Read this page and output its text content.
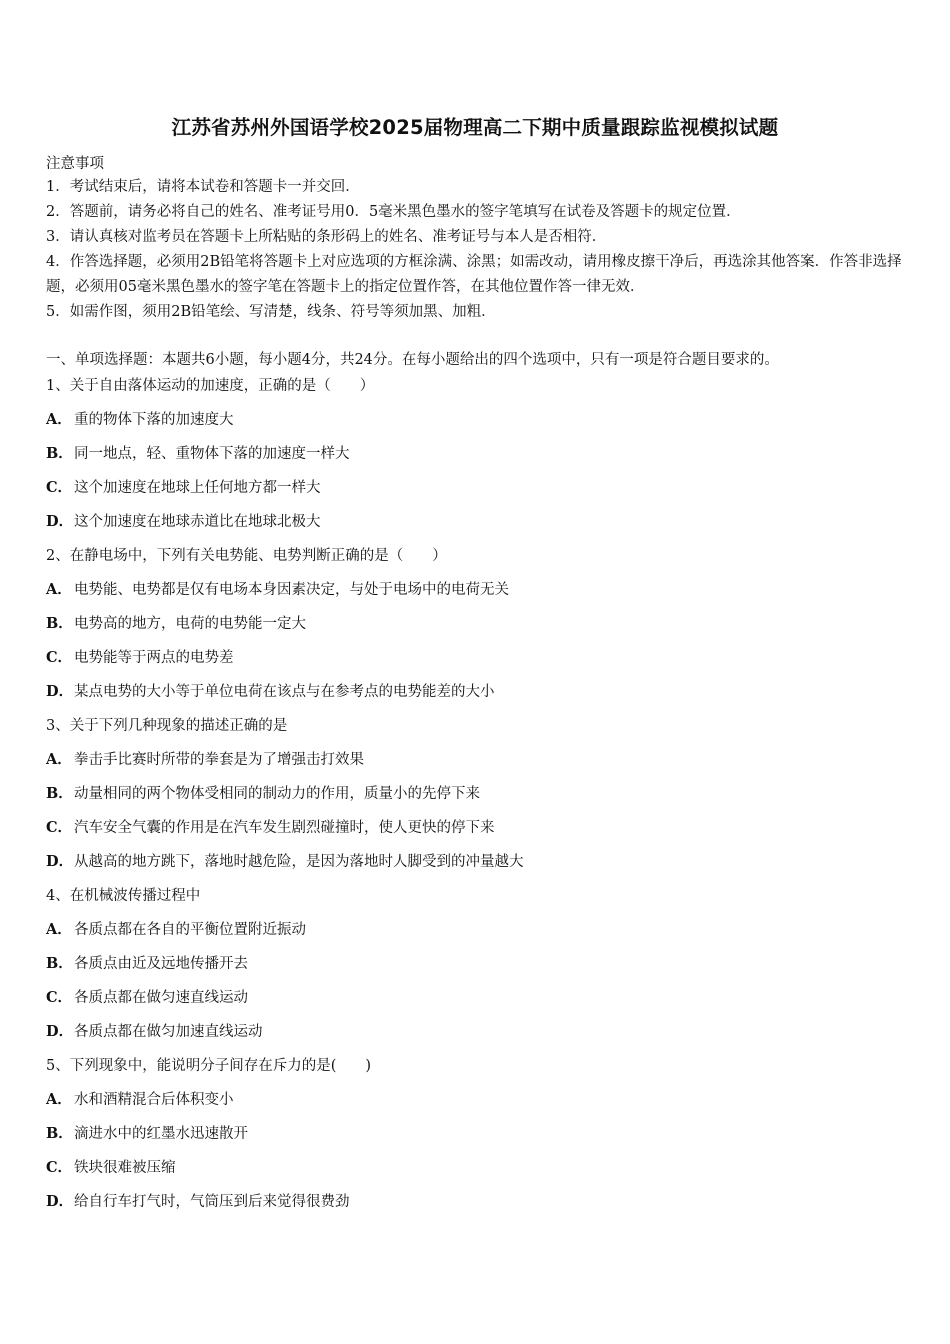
江苏省苏州外国语学校2025届物理高二下期中质量跟踪监视模拟试题
注意事项
1．考试结束后，请将本试卷和答题卡一并交回．
2．答题前，请务必将自己的姓名、准考证号用0．5毫米黑色墨水的签字笔填写在试卷及答题卡的规定位置．
3．请认真核对监考员在答题卡上所粘贴的条形码上的姓名、准考证号与本人是否相符．
4．作答选择题，必须用2B铅笔将答题卡上对应选项的方框涂满、涂黑；如需改动，请用橡皮擦干净后，再选涂其他答案．作答非选择题，必须用05毫米黑色墨水的签字笔在答题卡上的指定位置作答，在其他位置作答一律无效．
5．如需作图，须用2B铅笔绘、写清楚，线条、符号等须加黑、加粗．
一、单项选择题：本题共6小题，每小题4分，共24分。在每小题给出的四个选项中，只有一项是符合题目要求的。
1、关于自由落体运动的加速度，正确的是（　　）
A． 重的物体下落的加速度大
B．同一地点，轻、重物体下落的加速度一样大
C． 这个加速度在地球上任何地方都一样大
D．这个加速度在地球赤道比在地球北极大
2、在静电场中，下列有关电势能、电势判断正确的是（　　）
A． 电势能、电势都是仅有电场本身因素决定，与处于电场中的电荷无关
B．电势高的地方，电荷的电势能一定大
C． 电势能等于两点的电势差
D．某点电势的大小等于单位电荷在该点与在参考点的电势能差的大小
3、关于下列几种现象的描述正确的是
A． 拳击手比赛时所带的拳套是为了增强击打效果
B．动量相同的两个物体受相同的制动力的作用，质量小的先停下来
C． 汽车安全气囊的作用是在汽车发生剧烈碰撞时，使人更快的停下来
D．从越高的地方跳下，落地时越危险，是因为落地时人脚受到的冲量越大
4、在机械波传播过程中
A． 各质点都在各自的平衡位置附近振动
B．各质点由近及远地传播开去
C． 各质点都在做匀速直线运动
D．各质点都在做匀加速直线运动
5、下列现象中，能说明分子间存在斥力的是(　　)
A． 水和酒精混合后体积变小
B．滴进水中的红墨水迅速散开
C． 铁块很难被压缩
D．给自行车打气时，气筒压到后来觉得很费劲
